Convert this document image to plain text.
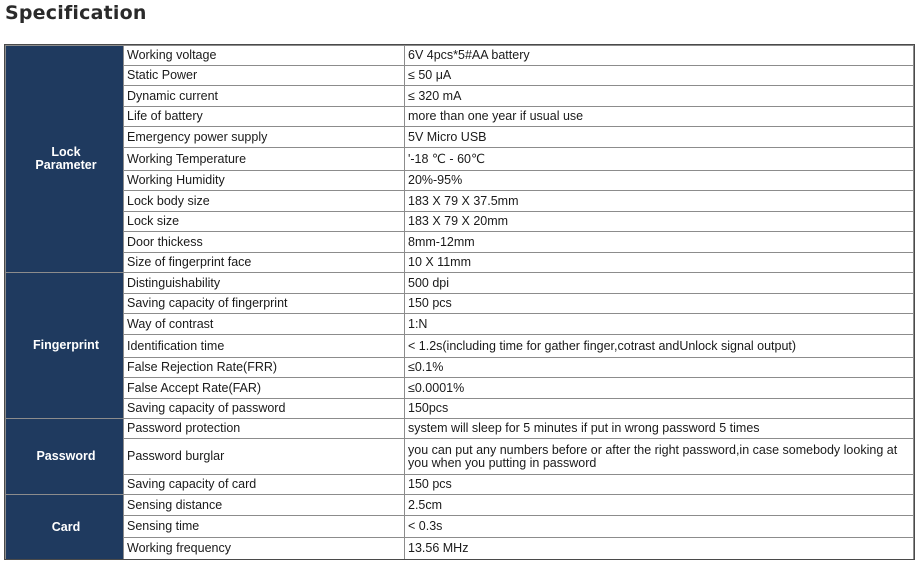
Specification
Lock
Parameter	Working voltage	6V 4pcs*5#AA battery
	Static Power	≤ 50 μA
	Dynamic current	≤ 320 mA
	Life of battery	more than one year if usual use
	Emergency power supply	5V Micro USB
	Working Temperature	'-18 ℃ - 60℃
	Working Humidity	20%-95%
	Lock body size	183 X 79 X 37.5mm
	Lock size	183 X 79 X 20mm
	Door thickess	8mm-12mm
	Size of fingerprint face	10 X 11mm
Fingerprint	Distinguishability	500 dpi
	Saving capacity of fingerprint	150 pcs
	Way of contrast	1:N
	Identification time	< 1.2s(including time for gather finger,cotrast andUnlock signal output)
	False Rejection Rate(FRR)	≤0.1%
	False Accept Rate(FAR)	≤0.0001%
	Saving capacity of password	150pcs
Password	Password protection	system will sleep for 5 minutes if put in wrong password 5 times
	Password burglar	you can put any numbers before or after the right password,in case somebody looking at you when you putting in password
	Saving capacity of card	150 pcs
Card	Sensing distance	2.5cm
	Sensing time	< 0.3s
	Working frequency	13.56 MHz
